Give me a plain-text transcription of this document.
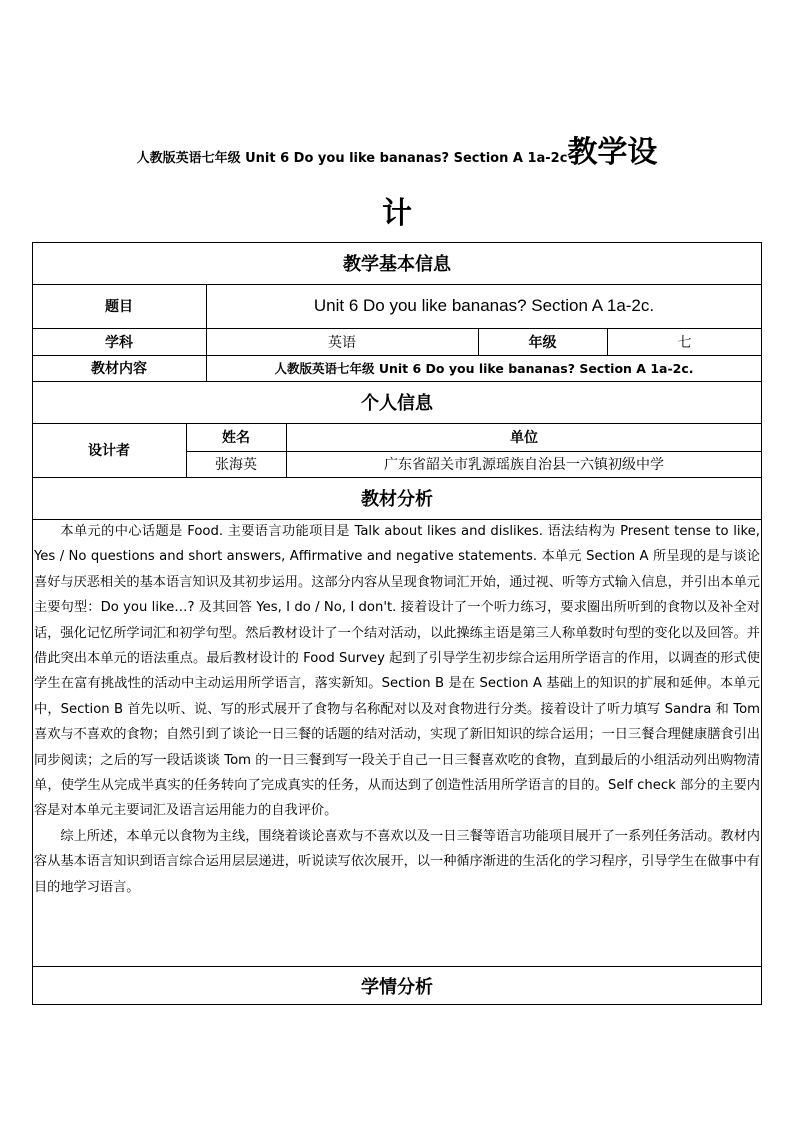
人教版英语七年级 Unit 6 Do you like bananas? Section A 1a-2c教学设
计
教学基本信息
题目	Unit 6 Do you like bananas? Section A 1a-2c.
学科	英语	年级	七
教材内容	人教版英语七年级 Unit 6 Do you like bananas? Section A 1a-2c.
个人信息
设计者
姓名	单位
张海英	广东省韶关市乳源瑶族自治县一六镇初级中学
教材分析

本单元的中心话题是 Food. 主要语言功能项目是 Talk about likes and dislikes. 语法结构为 Present tense to like, Yes / No questions and short answers, Affirmative and negative statements. 本单元 Section A 所呈现的是与谈论喜好与厌恶相关的基本语言知识及其初步运用。这部分内容从呈现食物词汇开始，通过视、听等方式输入信息，并引出本单元主要句型：Do you like…? 及其回答 Yes, I do / No, I don't. 接着设计了一个听力练习，要求圈出所听到的食物以及补全对话，强化记忆所学词汇和初学句型。然后教材设计了一个结对活动，以此操练主语是第三人称单数时句型的变化以及回答。并借此突出本单元的语法重点。最后教材设计的 Food Survey 起到了引导学生初步综合运用所学语言的作用，以调查的形式使学生在富有挑战性的活动中主动运用所学语言，落实新知。Section B 是在 Section A 基础上的知识的扩展和延伸。本单元中，Section B 首先以听、说、写的形式展开了食物与名称配对以及对食物进行分类。接着设计了听力填写 Sandra 和 Tom 喜欢与不喜欢的食物；自然引到了谈论一日三餐的话题的结对活动，实现了新旧知识的综合运用；一日三餐合理健康膳食引出同步阅读；之后的写一段话谈谈 Tom 的一日三餐到写一段关于自己一日三餐喜欢吃的食物，直到最后的小组活动列出购物清单，使学生从完成半真实的任务转向了完成真实的任务，从而达到了创造性活用所学语言的目的。Self check 部分的主要内容是对本单元主要词汇及语言运用能力的自我评价。

综上所述，本单元以食物为主线，围绕着谈论喜欢与不喜欢以及一日三餐等语言功能项目展开了一系列任务活动。教材内容从基本语言知识到语言综合运用层层递进，听说读写依次展开，以一种循序渐进的生活化的学习程序，引导学生在做事中有目的地学习语言。

学情分析
